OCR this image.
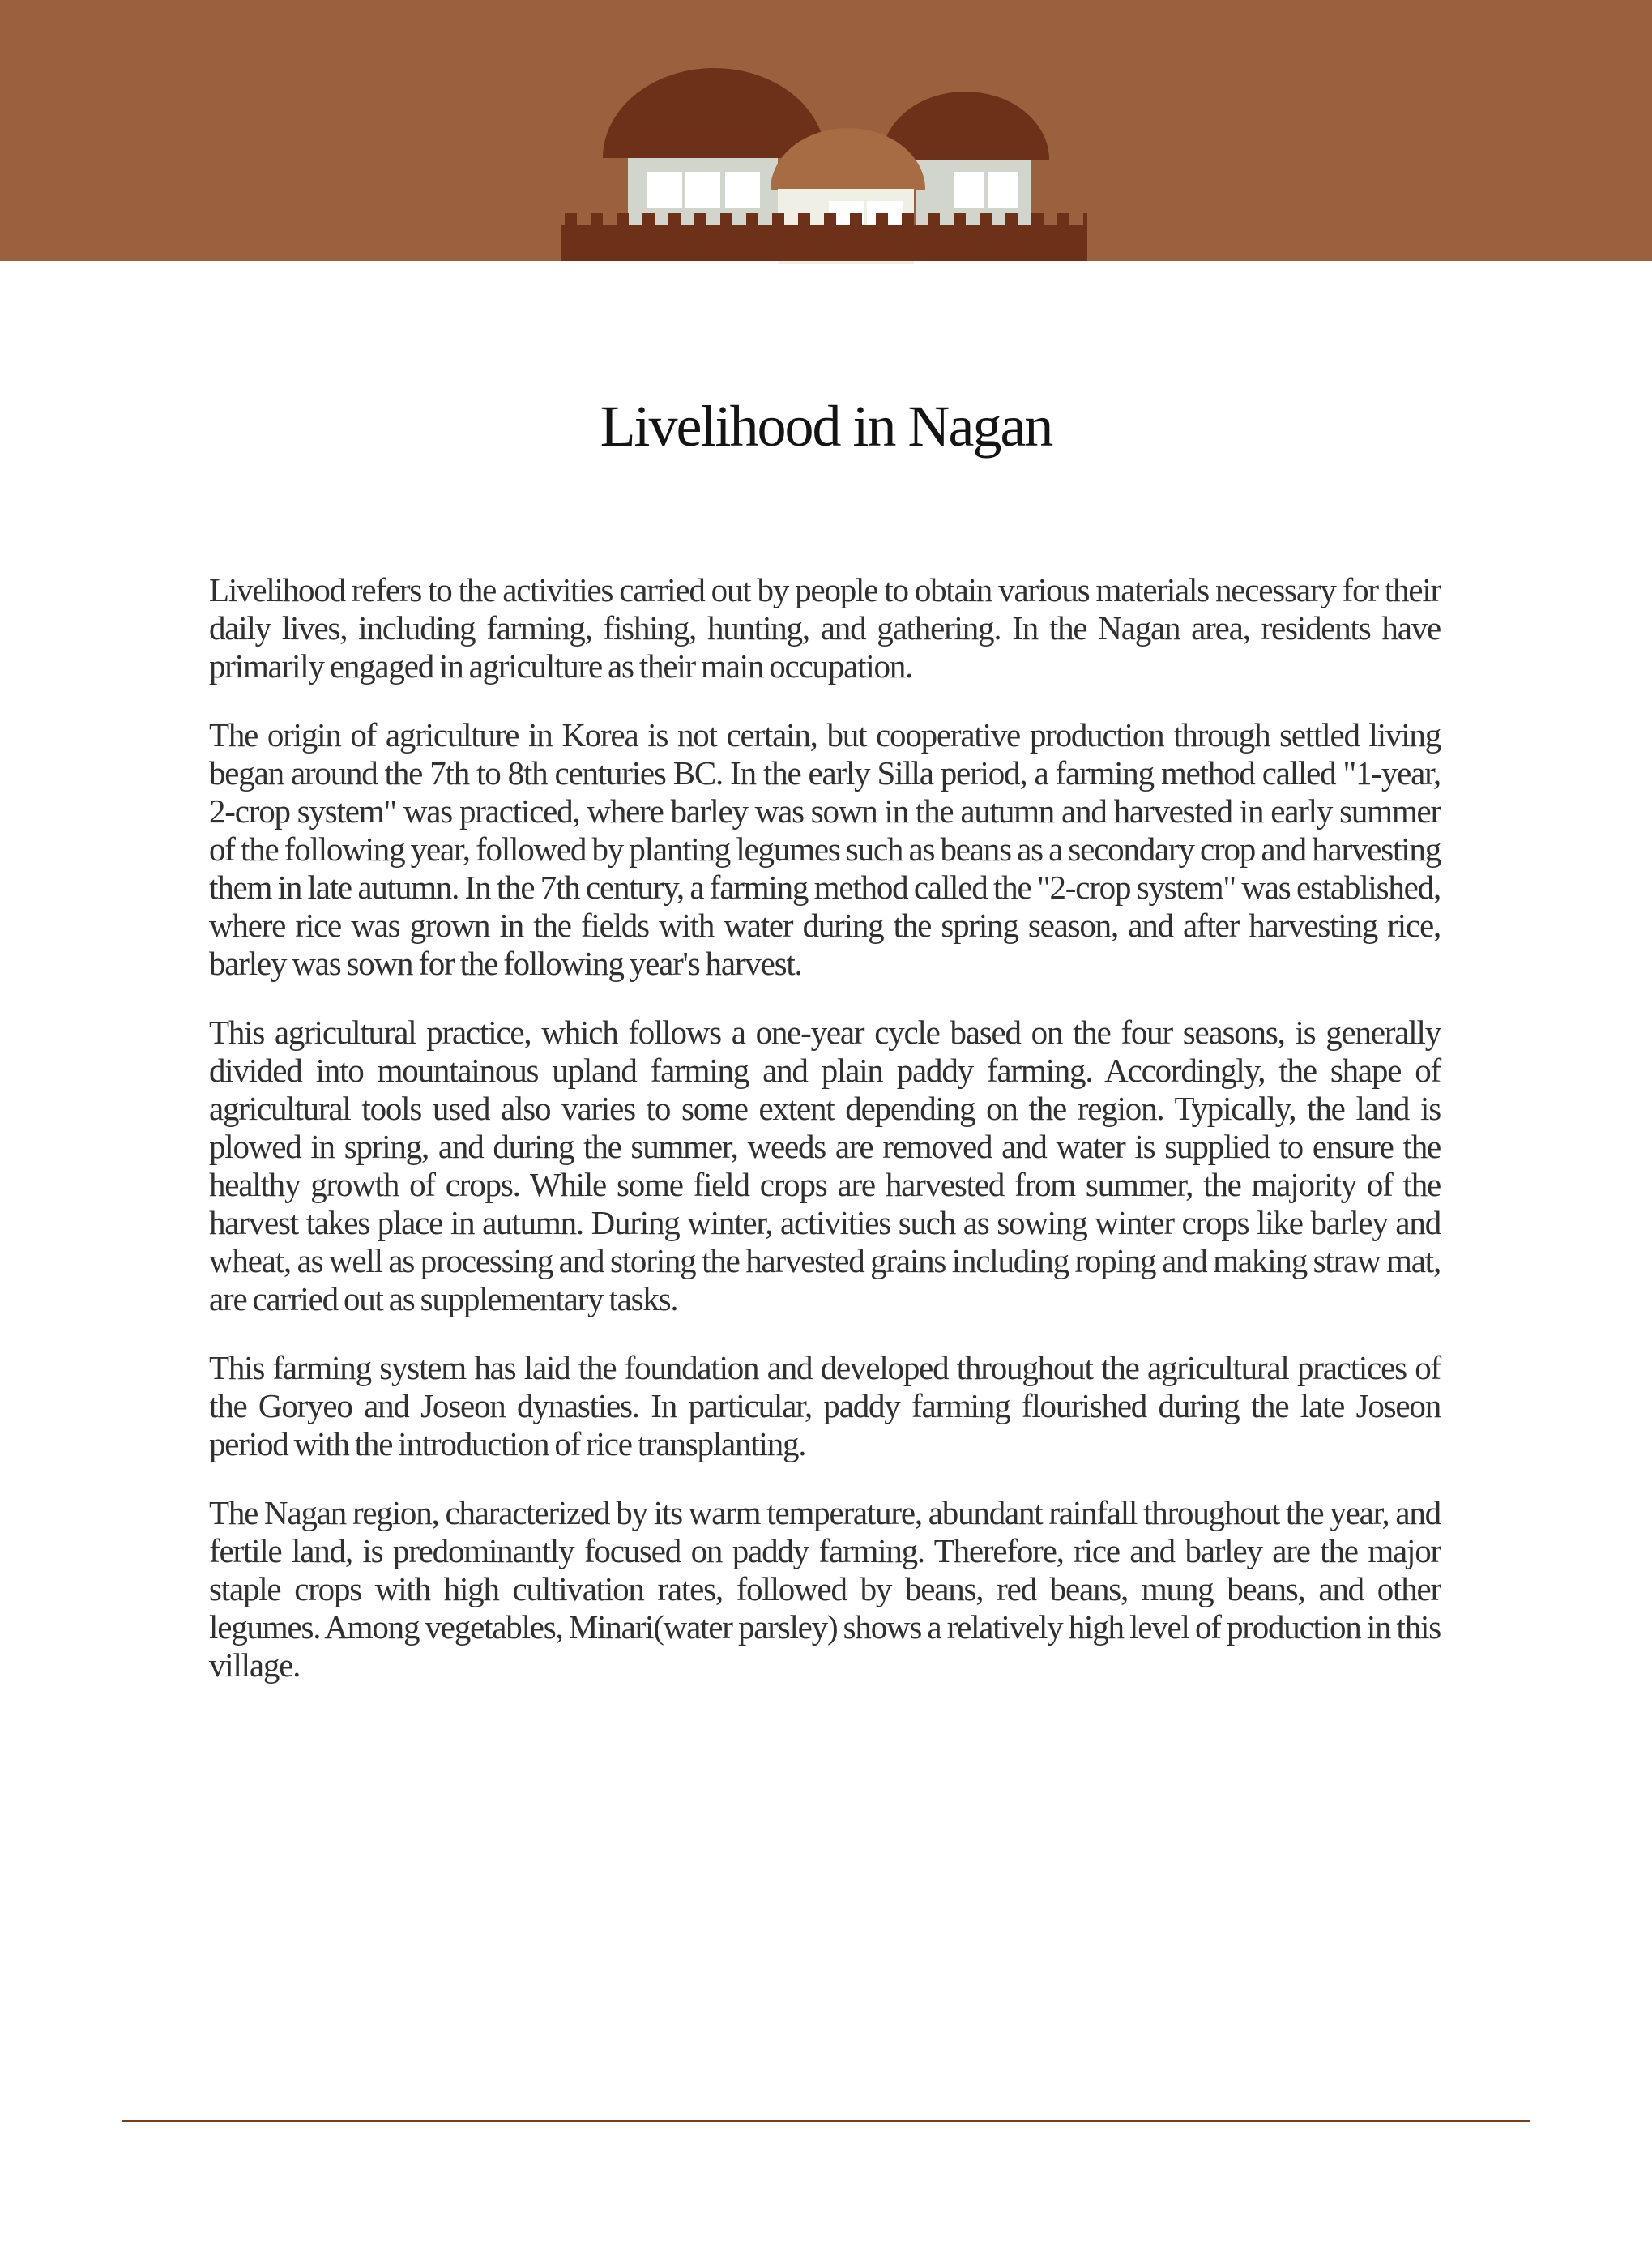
Livelihood in Nagan

Livelihood refers to the activities carried out by people to obtain various materials necessary for their daily lives, including farming, fishing, hunting, and gathering. In the Nagan area, residents have primarily engaged in agriculture as their main occupation.

The origin of agriculture in Korea is not certain, but cooperative production through settled living began around the 7th to 8th centuries BC. In the early Silla period, a farming method called "1-year, 2-crop system" was practiced, where barley was sown in the autumn and harvested in early summer of the following year, followed by planting legumes such as beans as a secondary crop and harvesting them in late autumn. In the 7th century, a farming method called the "2-crop system" was established, where rice was grown in the fields with water during the spring season, and after harvesting rice, barley was sown for the following year's harvest.

This agricultural practice, which follows a one-year cycle based on the four seasons, is generally divided into mountainous upland farming and plain paddy farming. Accordingly, the shape of agricultural tools used also varies to some extent depending on the region. Typically, the land is plowed in spring, and during the summer, weeds are removed and water is supplied to ensure the healthy growth of crops. While some field crops are harvested from summer, the majority of the harvest takes place in autumn. During winter, activities such as sowing winter crops like barley and wheat, as well as processing and storing the harvested grains including roping and making straw mat, are carried out as supplementary tasks.

This farming system has laid the foundation and developed throughout the agricultural practices of the Goryeo and Joseon dynasties. In particular, paddy farming flourished during the late Joseon period with the introduction of rice transplanting.

The Nagan region, characterized by its warm temperature, abundant rainfall throughout the year, and fertile land, is predominantly focused on paddy farming. Therefore, rice and barley are the major staple crops with high cultivation rates, followed by beans, red beans, mung beans, and other legumes. Among vegetables, Minari(water parsley) shows a relatively high level of production in this village.
